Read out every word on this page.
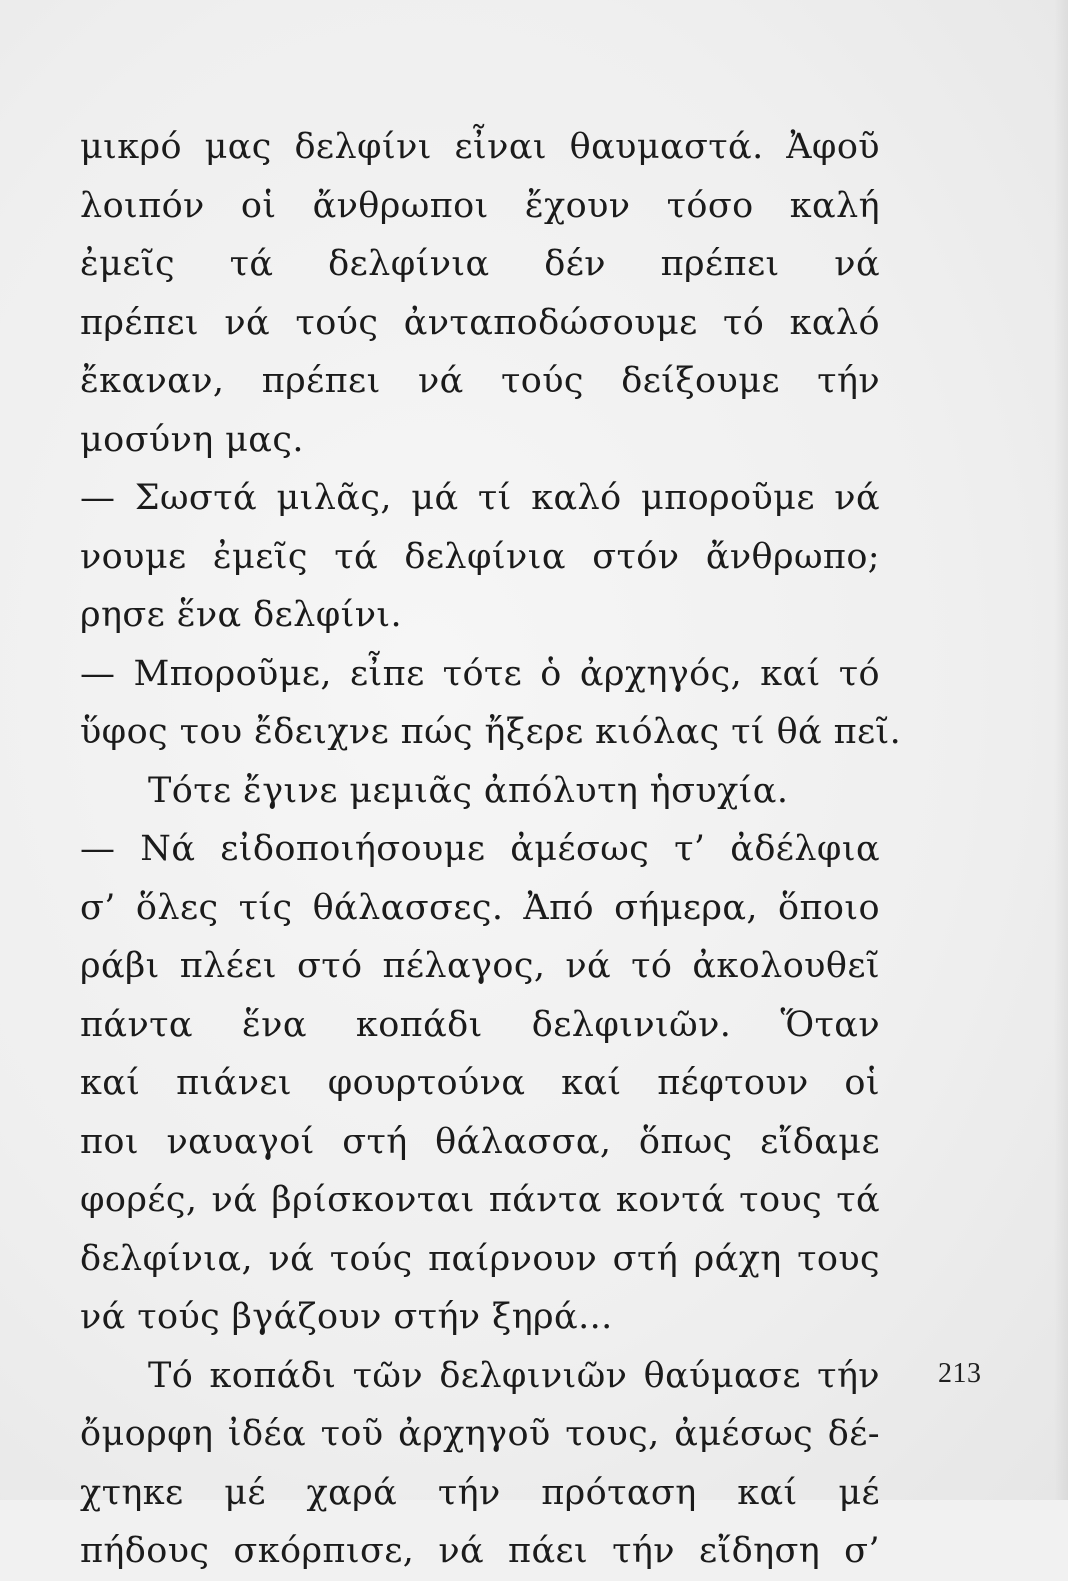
μικρό μας δελφίνι εἶναι θαυμαστά. Ἀφοῦ
λοιπόν οἱ ἄνθρωποι ἔχουν τόσο καλή
ἐμεῖς τά δελφίνια δέν πρέπει νά
πρέπει νά τούς ἀνταποδώσουμε τό καλό
ἔκαναν, πρέπει νά τούς δείξουμε τήν
μοσύνη μας.
— Σωστά μιλᾶς, μά τί καλό μποροῦμε νά
νουμε ἐμεῖς τά δελφίνια στόν ἄνθρωπο;
ρησε ἕνα δελφίνι.
— Μποροῦμε, εἶπε τότε ὁ ἀρχηγός, καί τό
ὕφος του ἔδειχνε πώς ἤξερε κιόλας τί θά πεῖ.
Τότε ἔγινε μεμιᾶς ἀπόλυτη ἡσυχία.
— Νά εἰδοποιήσουμε ἀμέσως τ’ ἀδέλφια
σ’ ὅλες τίς θάλασσες. Ἀπό σήμερα, ὅποιο
ράβι πλέει στό πέλαγος, νά τό ἀκολουθεῖ
πάντα ἕνα κοπάδι δελφινιῶν. Ὅταν
καί πιάνει φουρτούνα καί πέφτουν οἱ
ποι ναυαγοί στή θάλασσα, ὅπως εἴδαμε
φορές, νά βρίσκονται πάντα κοντά τους τά
δελφίνια, νά τούς παίρνουν στή ράχη τους
νά τούς βγάζουν στήν ξηρά...
Τό κοπάδι τῶν δελφινιῶν θαύμασε τήν
ὄμορφη ἰδέα τοῦ ἀρχηγοῦ τους, ἀμέσως δέ-
χτηκε μέ χαρά τήν πρόταση καί μέ
πήδους σκόρπισε, νά πάει τήν εἴδηση σ’
213
